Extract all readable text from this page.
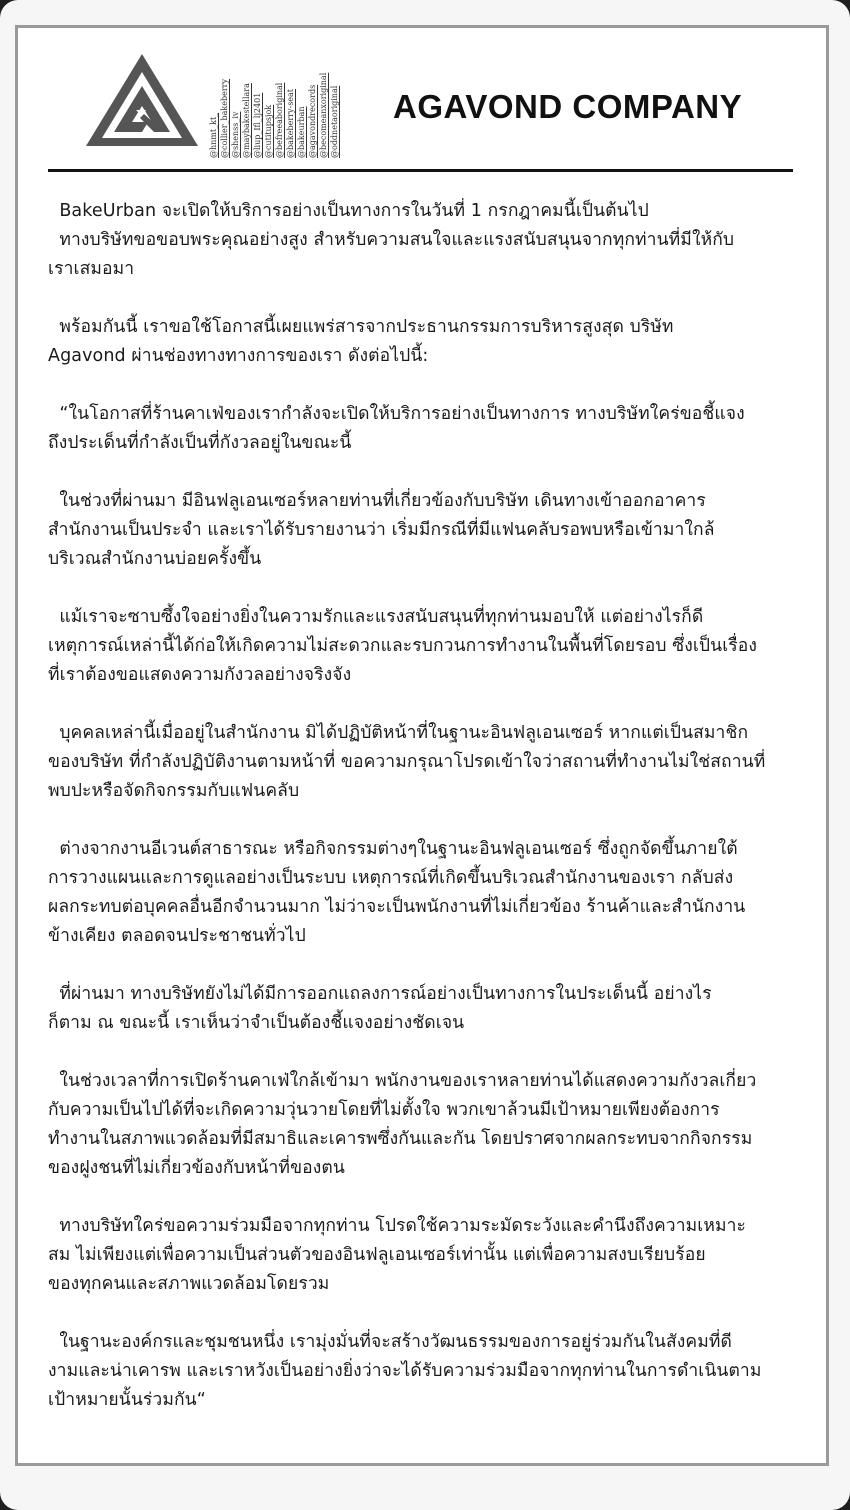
@hnmt_kt_ @collier_bakeberry @shenss_iv @maybakestellara @liup_Ifl_lj2401 @cutitupsjok @befreeaboriginal @bakeberry-seat @bakeurban @agavondrecords @becomeanxoriginal @oddnetaoriginal AGAVOND COMPANY

BakeUrban จะเปิดให้บริการอย่างเป็นทางการในวันที่ 1 กรกฎาคมนี้เป็นต้นไป
ทางบริษัทขอขอบพระคุณอย่างสูง สำหรับความสนใจและแรงสนับสนุนจากทุกท่านที่มีให้กับ
เราเสมอมา

พร้อมกันนี้ เราขอใช้โอกาสนี้เผยแพร่สารจากประธานกรรมการบริหารสูงสุด บริษัท
Agavond ผ่านช่องทางทางการของเรา ดังต่อไปนี้:

“ในโอกาสที่ร้านคาเฟ่ของเรากำลังจะเปิดให้บริการอย่างเป็นทางการ ทางบริษัทใคร่ขอชี้แจง
ถึงประเด็นที่กำลังเป็นที่กังวลอยู่ในขณะนี้

ในช่วงที่ผ่านมา มีอินฟลูเอนเซอร์หลายท่านที่เกี่ยวข้องกับบริษัท เดินทางเข้าออกอาคาร
สำนักงานเป็นประจำ และเราได้รับรายงานว่า เริ่มมีกรณีที่มีแฟนคลับรอพบหรือเข้ามาใกล้
บริเวณสำนักงานบ่อยครั้งขึ้น

แม้เราจะซาบซึ้งใจอย่างยิ่งในความรักและแรงสนับสนุนที่ทุกท่านมอบให้ แต่อย่างไรก็ดี
เหตุการณ์เหล่านี้ได้ก่อให้เกิดความไม่สะดวกและรบกวนการทำงานในพื้นที่โดยรอบ ซึ่งเป็นเรื่อง
ที่เราต้องขอแสดงความกังวลอย่างจริงจัง

บุคคลเหล่านี้เมื่ออยู่ในสำนักงาน มิได้ปฏิบัติหน้าที่ในฐานะอินฟลูเอนเซอร์ หากแต่เป็นสมาชิก
ของบริษัท ที่กำลังปฏิบัติงานตามหน้าที่ ขอความกรุณาโปรดเข้าใจว่าสถานที่ทำงานไม่ใช่สถานที่
พบปะหรือจัดกิจกรรมกับแฟนคลับ

ต่างจากงานอีเวนต์สาธารณะ หรือกิจกรรมต่างๆในฐานะอินฟลูเอนเซอร์ ซึ่งถูกจัดขึ้นภายใต้
การวางแผนและการดูแลอย่างเป็นระบบ เหตุการณ์ที่เกิดขึ้นบริเวณสำนักงานของเรา กลับส่ง
ผลกระทบต่อบุคคลอื่นอีกจำนวนมาก ไม่ว่าจะเป็นพนักงานที่ไม่เกี่ยวข้อง ร้านค้าและสำนักงาน
ข้างเคียง ตลอดจนประชาชนทั่วไป

ที่ผ่านมา ทางบริษัทยังไม่ได้มีการออกแถลงการณ์อย่างเป็นทางการในประเด็นนี้ อย่างไร
ก็ตาม ณ ขณะนี้ เราเห็นว่าจำเป็นต้องชี้แจงอย่างชัดเจน

ในช่วงเวลาที่การเปิดร้านคาเฟ่ใกล้เข้ามา พนักงานของเราหลายท่านได้แสดงความกังวลเกี่ยว
กับความเป็นไปได้ที่จะเกิดความวุ่นวายโดยที่ไม่ตั้งใจ พวกเขาล้วนมีเป้าหมายเพียงต้องการ
ทำงานในสภาพแวดล้อมที่มีสมาธิและเคารพซึ่งกันและกัน โดยปราศจากผลกระทบจากกิจกรรม
ของฝูงชนที่ไม่เกี่ยวข้องกับหน้าที่ของตน

ทางบริษัทใคร่ขอความร่วมมือจากทุกท่าน โปรดใช้ความระมัดระวังและคำนึงถึงความเหมาะ
สม ไม่เพียงแต่เพื่อความเป็นส่วนตัวของอินฟลูเอนเซอร์เท่านั้น แต่เพื่อความสงบเรียบร้อย
ของทุกคนและสภาพแวดล้อมโดยรวม

ในฐานะองค์กรและชุมชนหนึ่ง เรามุ่งมั่นที่จะสร้างวัฒนธรรมของการอยู่ร่วมกันในสังคมที่ดี
งามและน่าเคารพ และเราหวังเป็นอย่างยิ่งว่าจะได้รับความร่วมมือจากทุกท่านในการดำเนินตาม
เป้าหมายนั้นร่วมกัน“
